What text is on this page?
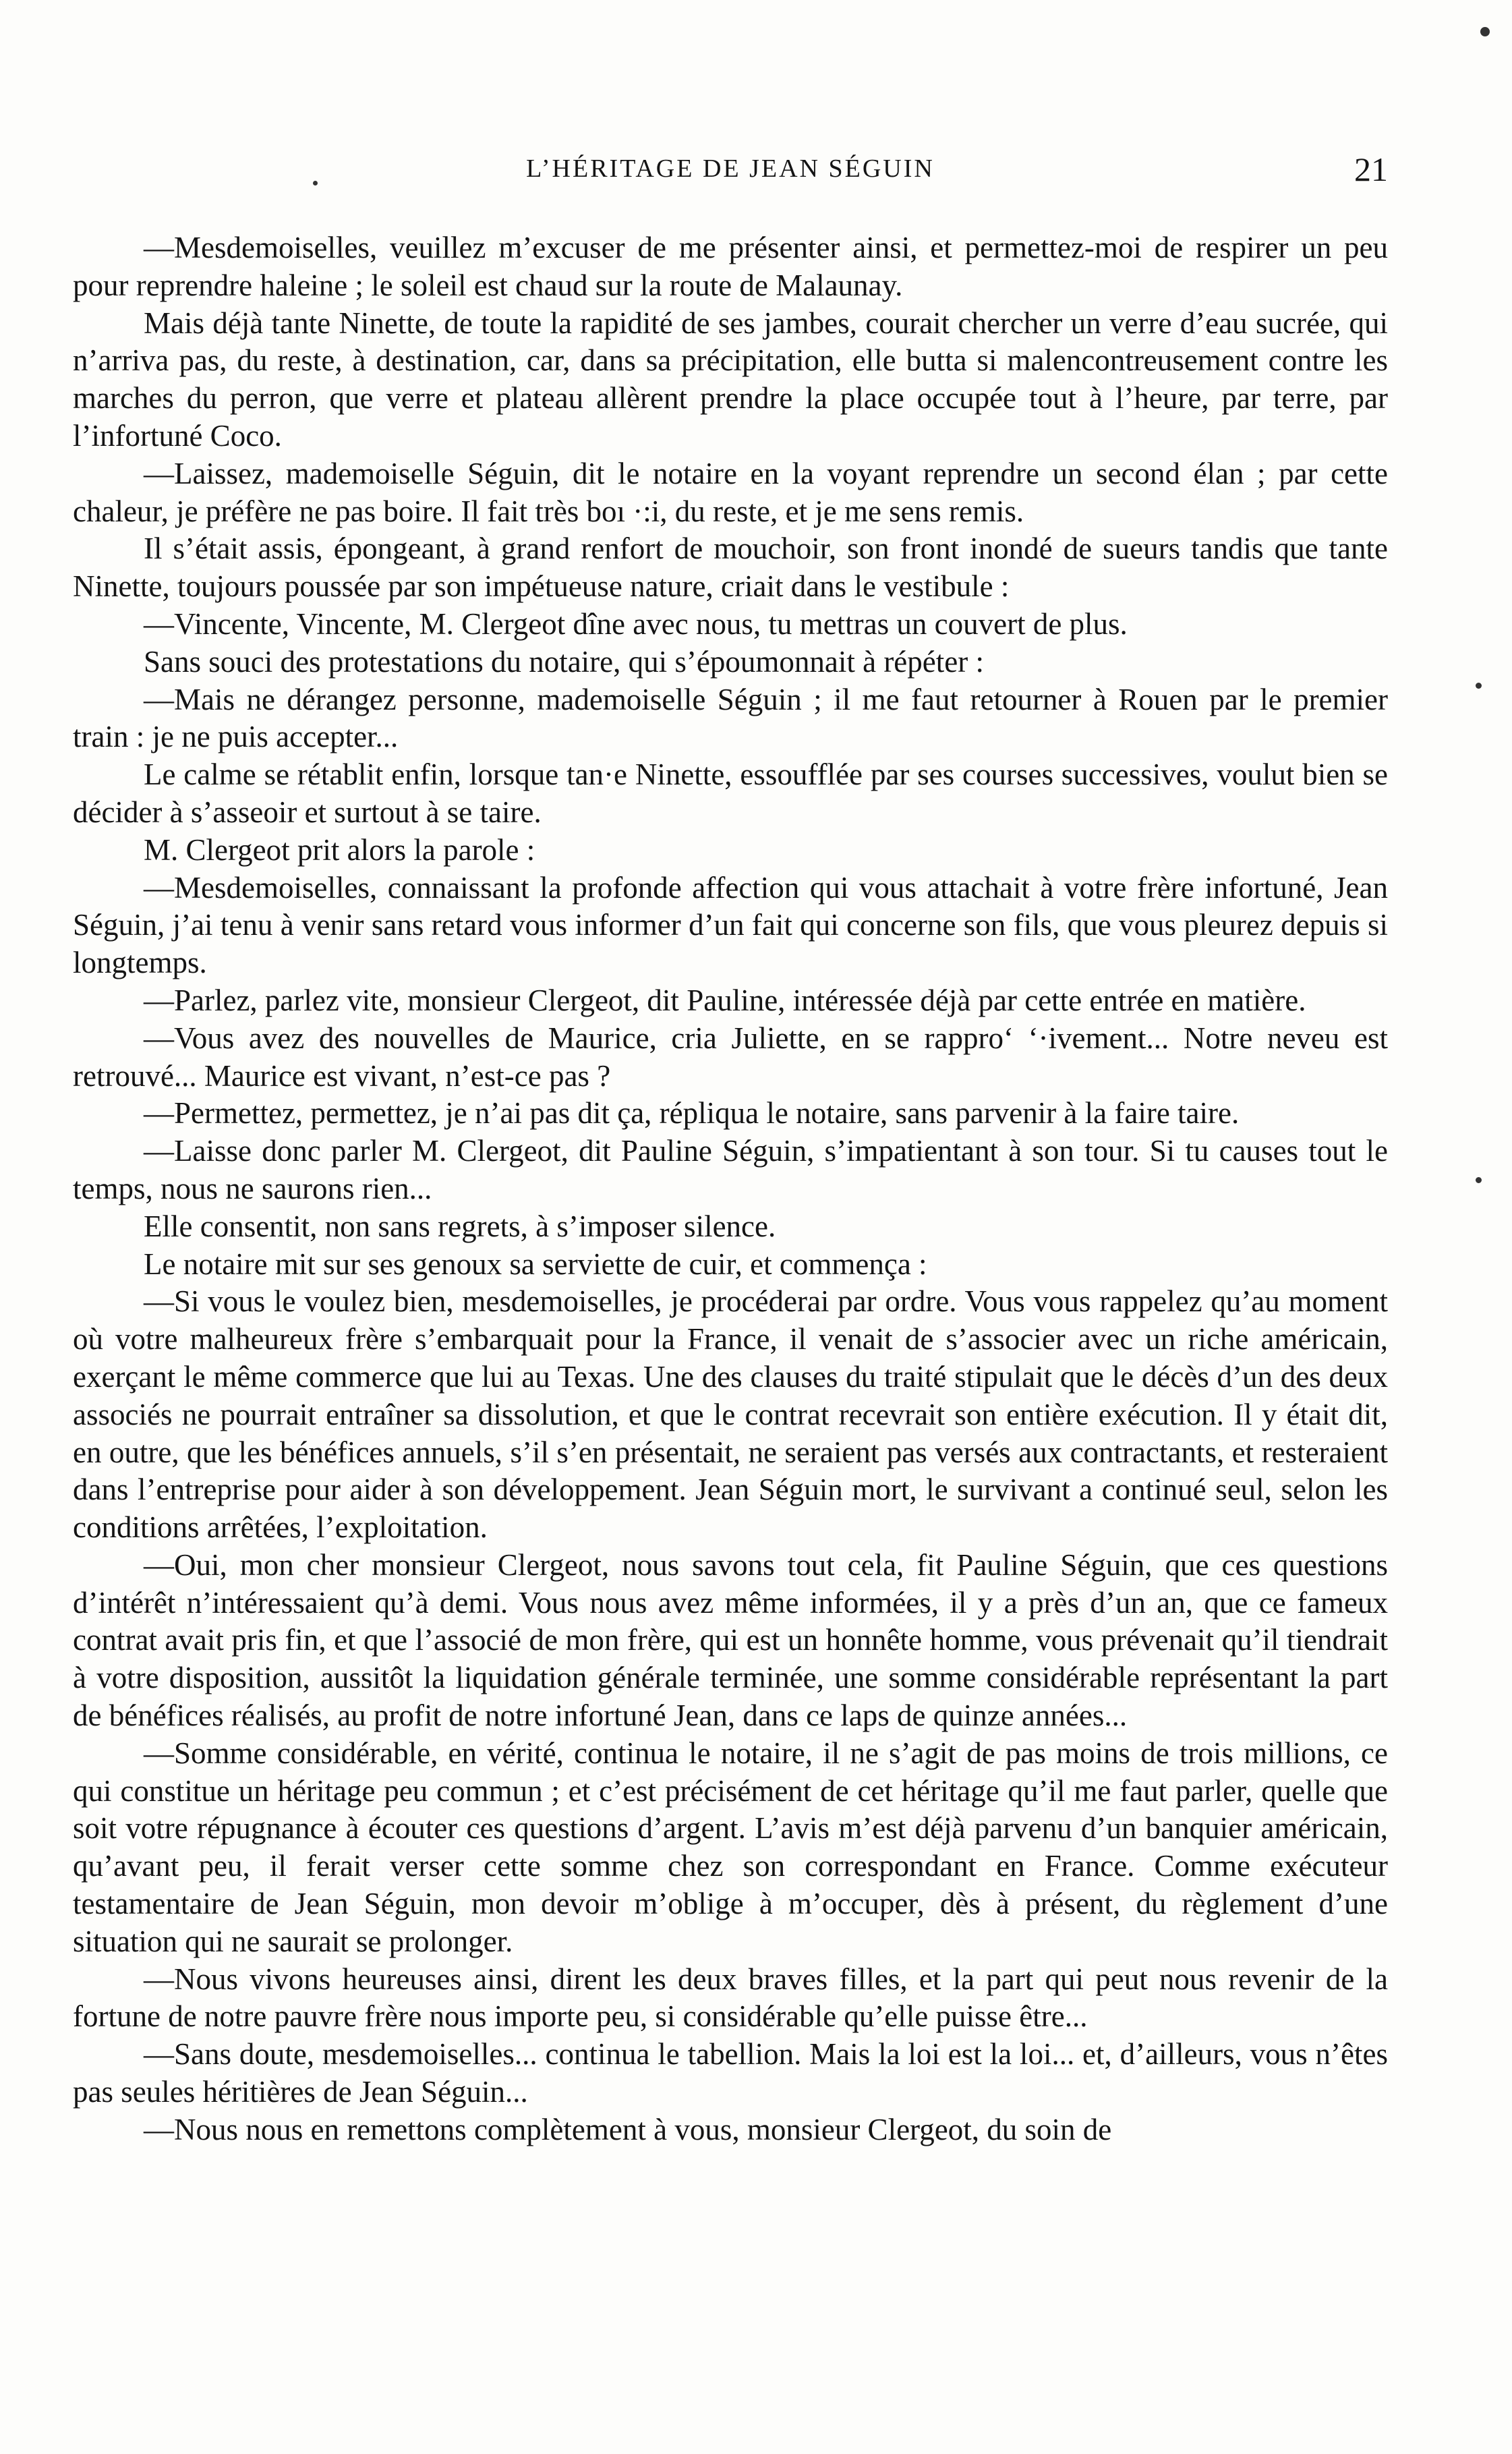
L’HÉRITAGE DE JEAN SÉGUIN	21

—Mesdemoiselles, veuillez m’excuser de me présenter ainsi, et permettez-moi de respirer un peu pour reprendre haleine ; le soleil est chaud sur la route de Malaunay.

Mais déjà tante Ninette, de toute la rapidité de ses jambes, courait chercher un verre d’eau sucrée, qui n’arriva pas, du reste, à destination, car, dans sa précipitation, elle butta si malencontreusement contre les marches du perron, que verre et plateau allèrent prendre la place occupée tout à l’heure, par terre, par l’infortuné Coco.

—Laissez, mademoiselle Séguin, dit le notaire en la voyant reprendre un second élan ; par cette chaleur, je préfère ne pas boire. Il fait très boı ·:i, du reste, et je me sens remis.

Il s’était assis, épongeant, à grand renfort de mouchoir, son front inondé de sueurs tandis que tante Ninette, toujours poussée par son impétueuse nature, criait dans le vestibule :

—Vincente, Vincente, M. Clergeot dîne avec nous, tu mettras un couvert de plus.

Sans souci des protestations du notaire, qui s’époumonnait à répéter :

—Mais ne dérangez personne, mademoiselle Séguin ; il me faut retourner à Rouen par le premier train : je ne puis accepter...

Le calme se rétablit enfin, lorsque tan·e Ninette, essoufflée par ses courses successives, voulut bien se décider à s’asseoir et surtout à se taire.

M. Clergeot prit alors la parole :

—Mesdemoiselles, connaissant la profonde affection qui vous attachait à votre frère infortuné, Jean Séguin, j’ai tenu à venir sans retard vous informer d’un fait qui concerne son fils, que vous pleurez depuis si longtemps.

—Parlez, parlez vite, monsieur Clergeot, dit Pauline, intéressée déjà par cette entrée en matière.

—Vous avez des nouvelles de Maurice, cria Juliette, en se rappro‘ ‘·ivement... Notre neveu est retrouvé... Maurice est vivant, n’est-ce pas ?

—Permettez, permettez, je n’ai pas dit ça, répliqua le notaire, sans parvenir à la faire taire.

—Laisse donc parler M. Clergeot, dit Pauline Séguin, s’impatientant à son tour. Si tu causes tout le temps, nous ne saurons rien...

Elle consentit, non sans regrets, à s’imposer silence.

Le notaire mit sur ses genoux sa serviette de cuir, et commença :

—Si vous le voulez bien, mesdemoiselles, je procéderai par ordre. Vous vous rappelez qu’au moment où votre malheureux frère s’embarquait pour la France, il venait de s’associer avec un riche américain, exerçant le même commerce que lui au Texas. Une des clauses du traité stipulait que le décès d’un des deux associés ne pourrait entraîner sa dissolution, et que le contrat recevrait son entière exécution. Il y était dit, en outre, que les bénéfices annuels, s’il s’en présentait, ne seraient pas versés aux contractants, et resteraient dans l’entreprise pour aider à son développement. Jean Séguin mort, le survivant a continué seul, selon les conditions arrêtées, l’exploitation.

—Oui, mon cher monsieur Clergeot, nous savons tout cela, fit Pauline Séguin, que ces questions d’intérêt n’intéressaient qu’à demi. Vous nous avez même informées, il y a près d’un an, que ce fameux contrat avait pris fin, et que l’associé de mon frère, qui est un honnête homme, vous prévenait qu’il tiendrait à votre disposition, aussitôt la liquidation générale terminée, une somme considérable représentant la part de bénéfices réalisés, au profit de notre infortuné Jean, dans ce laps de quinze années...

—Somme considérable, en vérité, continua le notaire, il ne s’agit de pas moins de trois millions, ce qui constitue un héritage peu commun ; et c’est précisément de cet héritage qu’il me faut parler, quelle que soit votre répugnance à écouter ces questions d’argent. L’avis m’est déjà parvenu d’un banquier américain, qu’avant peu, il ferait verser cette somme chez son correspondant en France. Comme exécuteur testamentaire de Jean Séguin, mon devoir m’oblige à m’occuper, dès à présent, du règlement d’une situation qui ne saurait se prolonger.

—Nous vivons heureuses ainsi, dirent les deux braves filles, et la part qui peut nous revenir de la fortune de notre pauvre frère nous importe peu, si considérable qu’elle puisse être...

—Sans doute, mesdemoiselles... continua le tabellion. Mais la loi est la loi... et, d’ailleurs, vous n’êtes pas seules héritières de Jean Séguin...

—Nous nous en remettons complètement à vous, monsieur Clergeot, du soin de
